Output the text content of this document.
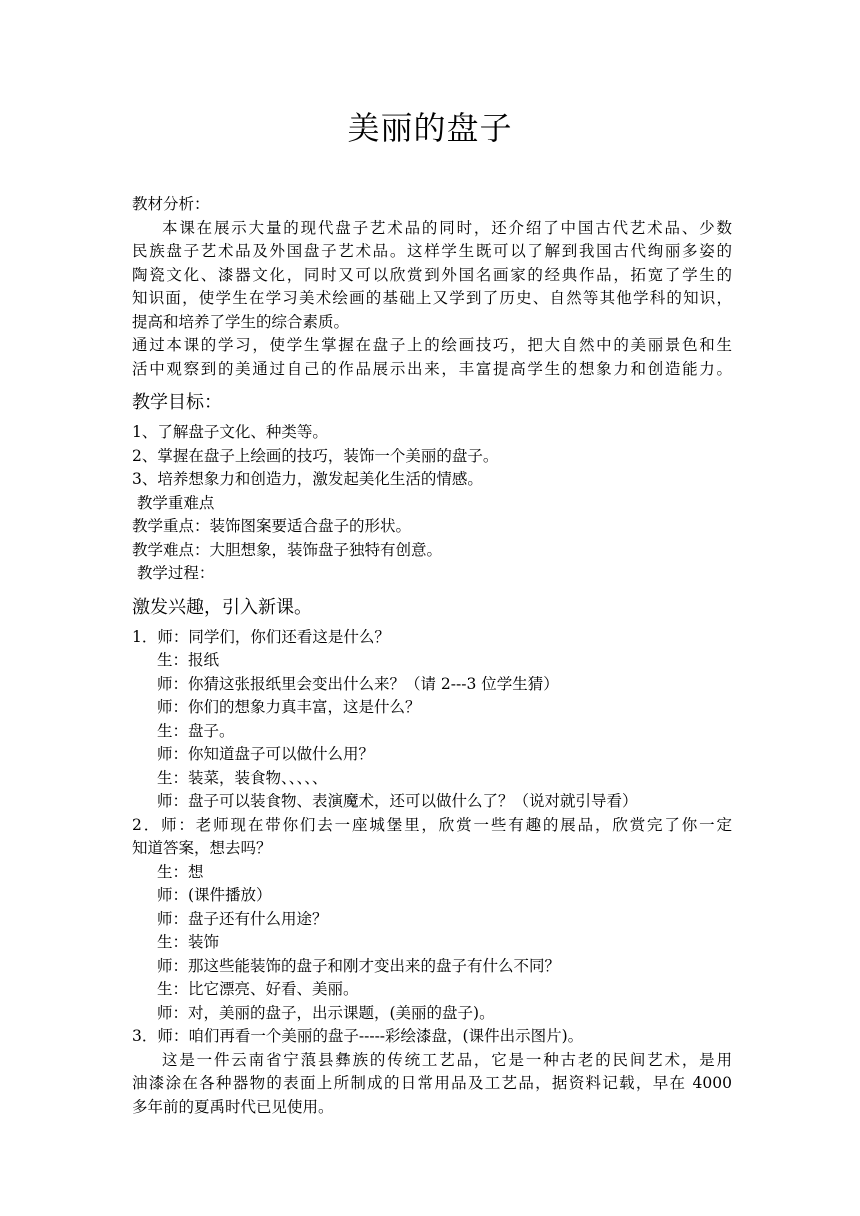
美丽的盘子
教材分析：
本课在展示大量的现代盘子艺术品的同时，还介绍了中国古代艺术品、少数
民族盘子艺术品及外国盘子艺术品。这样学生既可以了解到我国古代绚丽多姿的
陶瓷文化、漆器文化，同时又可以欣赏到外国名画家的经典作品，拓宽了学生的
知识面，使学生在学习美术绘画的基础上又学到了历史、自然等其他学科的知识，
提高和培养了学生的综合素质。
通过本课的学习，使学生掌握在盘子上的绘画技巧，把大自然中的美丽景色和生
活中观察到的美通过自己的作品展示出来，丰富提高学生的想象力和创造能力。
教学目标：
1、了解盘子文化、种类等。
2、掌握在盘子上绘画的技巧，装饰一个美丽的盘子。
3、培养想象力和创造力，激发起美化生活的情感。
教学重难点
教学重点：装饰图案要适合盘子的形状。
教学难点：大胆想象，装饰盘子独特有创意。
教学过程：
激发兴趣，引入新课。
1．师：同学们，你们还看这是什么？
生：报纸
师：你猜这张报纸里会变出什么来？（请 2---3 位学生猜）
师：你们的想象力真丰富，这是什么？
生：盘子。
师：你知道盘子可以做什么用？
生：装菜，装食物、、、、、
师：盘子可以装食物、表演魔术，还可以做什么了？（说对就引导看）
2．师：老师现在带你们去一座城堡里，欣赏一些有趣的展品，欣赏完了你一定
知道答案，想去吗？
生：想
师：(课件播放）
师：盘子还有什么用途？
生：装饰
师：那这些能装饰的盘子和刚才变出来的盘子有什么不同？
生：比它漂亮、好看、美丽。
师：对，美丽的盘子，出示课题，(美丽的盘子)。
3．师：咱们再看一个美丽的盘子-----彩绘漆盘，(课件出示图片)。
这是一件云南省宁蒗县彝族的传统工艺品，它是一种古老的民间艺术，是用
油漆涂在各种器物的表面上所制成的日常用品及工艺品，据资料记载，早在 4000
多年前的夏禹时代已见使用。
